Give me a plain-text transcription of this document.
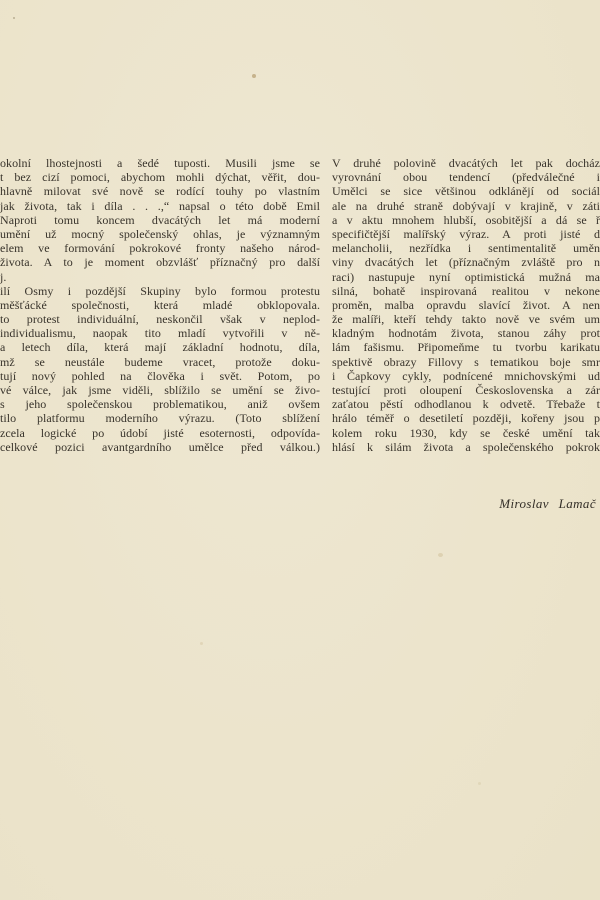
okolní lhostejnosti a šedé tuposti. Musili jsme se
t bez cizí pomoci, abychom mohli dýchat, věřit, dou-
hlavně milovat své nově se rodící touhy po vlastním
jak života, tak i díla . . .,“ napsal o této době Emil
Naproti tomu koncem dvacátých let má moderní
umění už mocný společenský ohlas, je významným
elem ve formování pokrokové fronty našeho národ-
života. A to je moment obzvlášť příznačný pro další
j.
ilí Osmy i pozdější Skupiny bylo formou protestu
měšťácké společnosti, která mladé obklopovala.
to protest individuální, neskončil však v neplod-
individualismu, naopak tito mladí vytvořili v ně-
a letech díla, která mají základní hodnotu, díla,
mž se neustále budeme vracet, protože doku-
tují nový pohled na člověka i svět. Potom, po
vé válce, jak jsme viděli, sblížilo se umění se živo-
s jeho společenskou problematikou, aniž ovšem
tilo platformu moderního výrazu. (Toto sblížení
zcela logické po údobí jisté esoternosti, odpovída-
celkové pozici avantgardního umělce před válkou.)
V druhé polovině dvacátých let pak docház
vyrovnání obou tendencí (předválečné i
Umělci se sice většinou odklánějí od sociál
ale na druhé straně dobývají v krajině, v záti
a v aktu mnohem hlubší, osobitější a dá se ř
specifičtější malířský výraz. A proti jisté d
melancholii, nezřídka i sentimentalitě uměn
viny dvacátých let (příznačným zvláště pro n
raci) nastupuje nyní optimistická mužná ma
silná, bohatě inspirovaná realitou v nekone
proměn, malba opravdu slavící život. A nen
že malíři, kteří tehdy takto nově ve svém um
kladným hodnotám života, stanou záhy prot
lám fašismu. Připomeňme tu tvorbu karikatu
spektivě obrazy Fillovy s tematikou boje smr
i Čapkovy cykly, podnícené mnichovskými ud
testující proti oloupení Československa a zár
zaťatou pěstí odhodlanou k odvetě. Třebaže t
hrálo téměř o desetiletí později, kořeny jsou p
kolem roku 1930, kdy se české umění tak
hlásí k silám života a společenského pokrok
Miroslav Lamač
